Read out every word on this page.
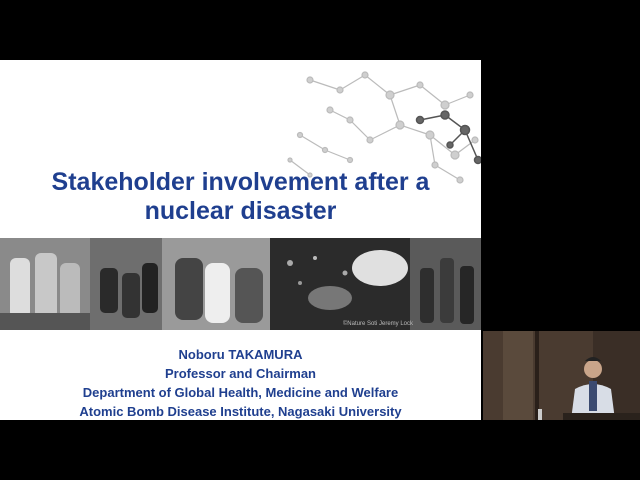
Stakeholder involvement after a
nuclear disaster
©Nature Soti Jeremy Lock
Noboru TAKAMURA
Professor and Chairman
Department of Global Health, Medicine and Welfare
Atomic Bomb Disease Institute, Nagasaki University
